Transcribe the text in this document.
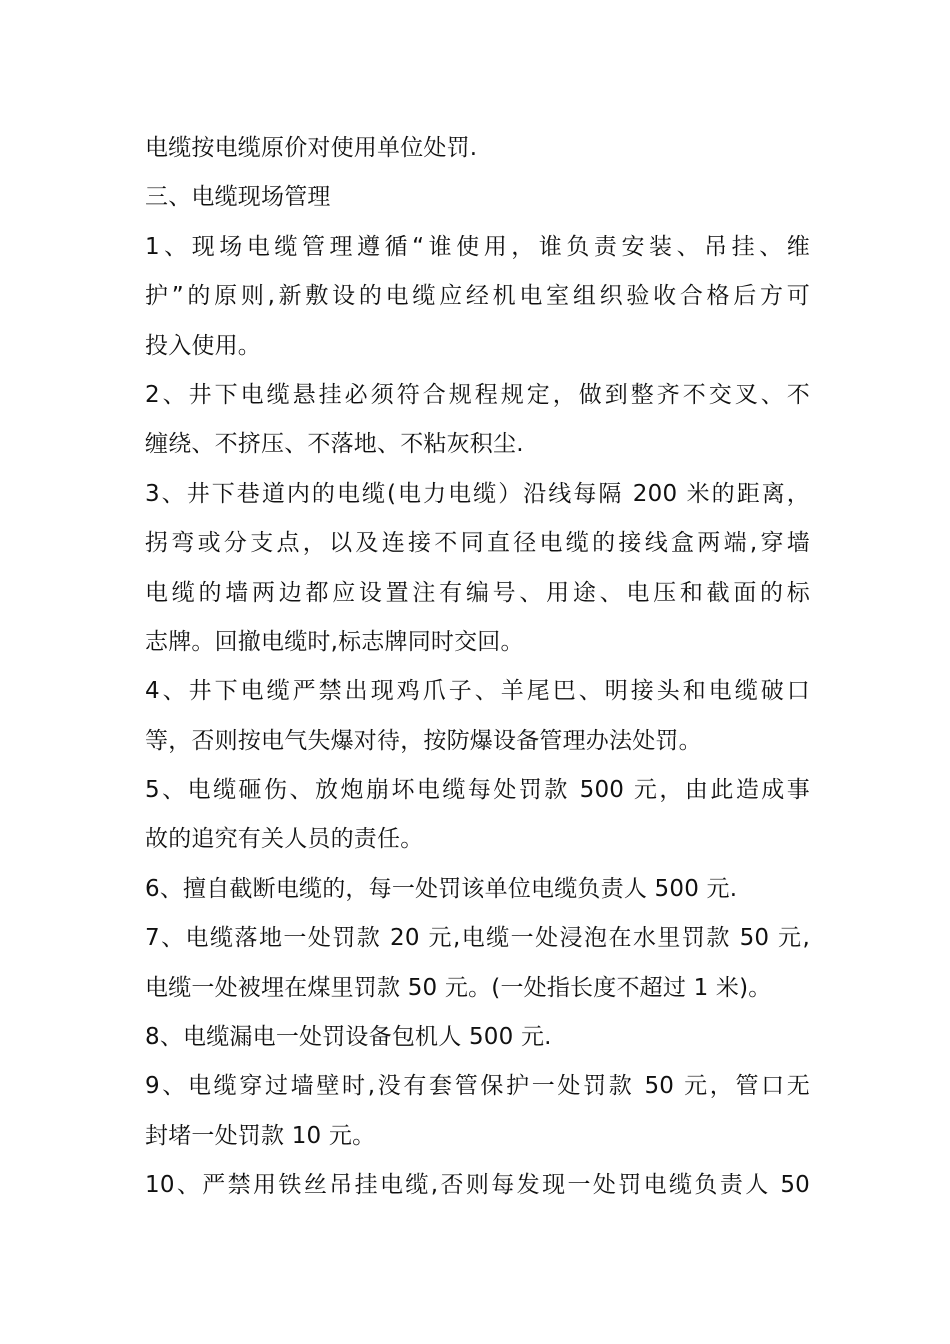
电缆按电缆原价对使用单位处罚.
三、电缆现场管理
1、现场电缆管理遵循“谁使用，谁负责安装、吊挂、维
护”的原则,新敷设的电缆应经机电室组织验收合格后方可
投入使用。
2、井下电缆悬挂必须符合规程规定，做到整齐不交叉、不
缠绕、不挤压、不落地、不粘灰积尘.
3、井下巷道内的电缆(电力电缆）沿线每隔 200 米的距离，
拐弯或分支点，以及连接不同直径电缆的接线盒两端,穿墙
电缆的墙两边都应设置注有编号、用途、电压和截面的标
志牌。回撤电缆时,标志牌同时交回。
4、井下电缆严禁出现鸡爪子、羊尾巴、明接头和电缆破口
等，否则按电气失爆对待，按防爆设备管理办法处罚。
5、电缆砸伤、放炮崩坏电缆每处罚款 500 元，由此造成事
故的追究有关人员的责任。
6、擅自截断电缆的，每一处罚该单位电缆负责人 500 元.
7、电缆落地一处罚款 20 元,电缆一处浸泡在水里罚款 50 元,
电缆一处被埋在煤里罚款 50 元。(一处指长度不超过 1 米)。
8、电缆漏电一处罚设备包机人 500 元.
9、电缆穿过墙壁时,没有套管保护一处罚款 50 元，管口无
封堵一处罚款 10 元。
10、严禁用铁丝吊挂电缆,否则每发现一处罚电缆负责人 50
